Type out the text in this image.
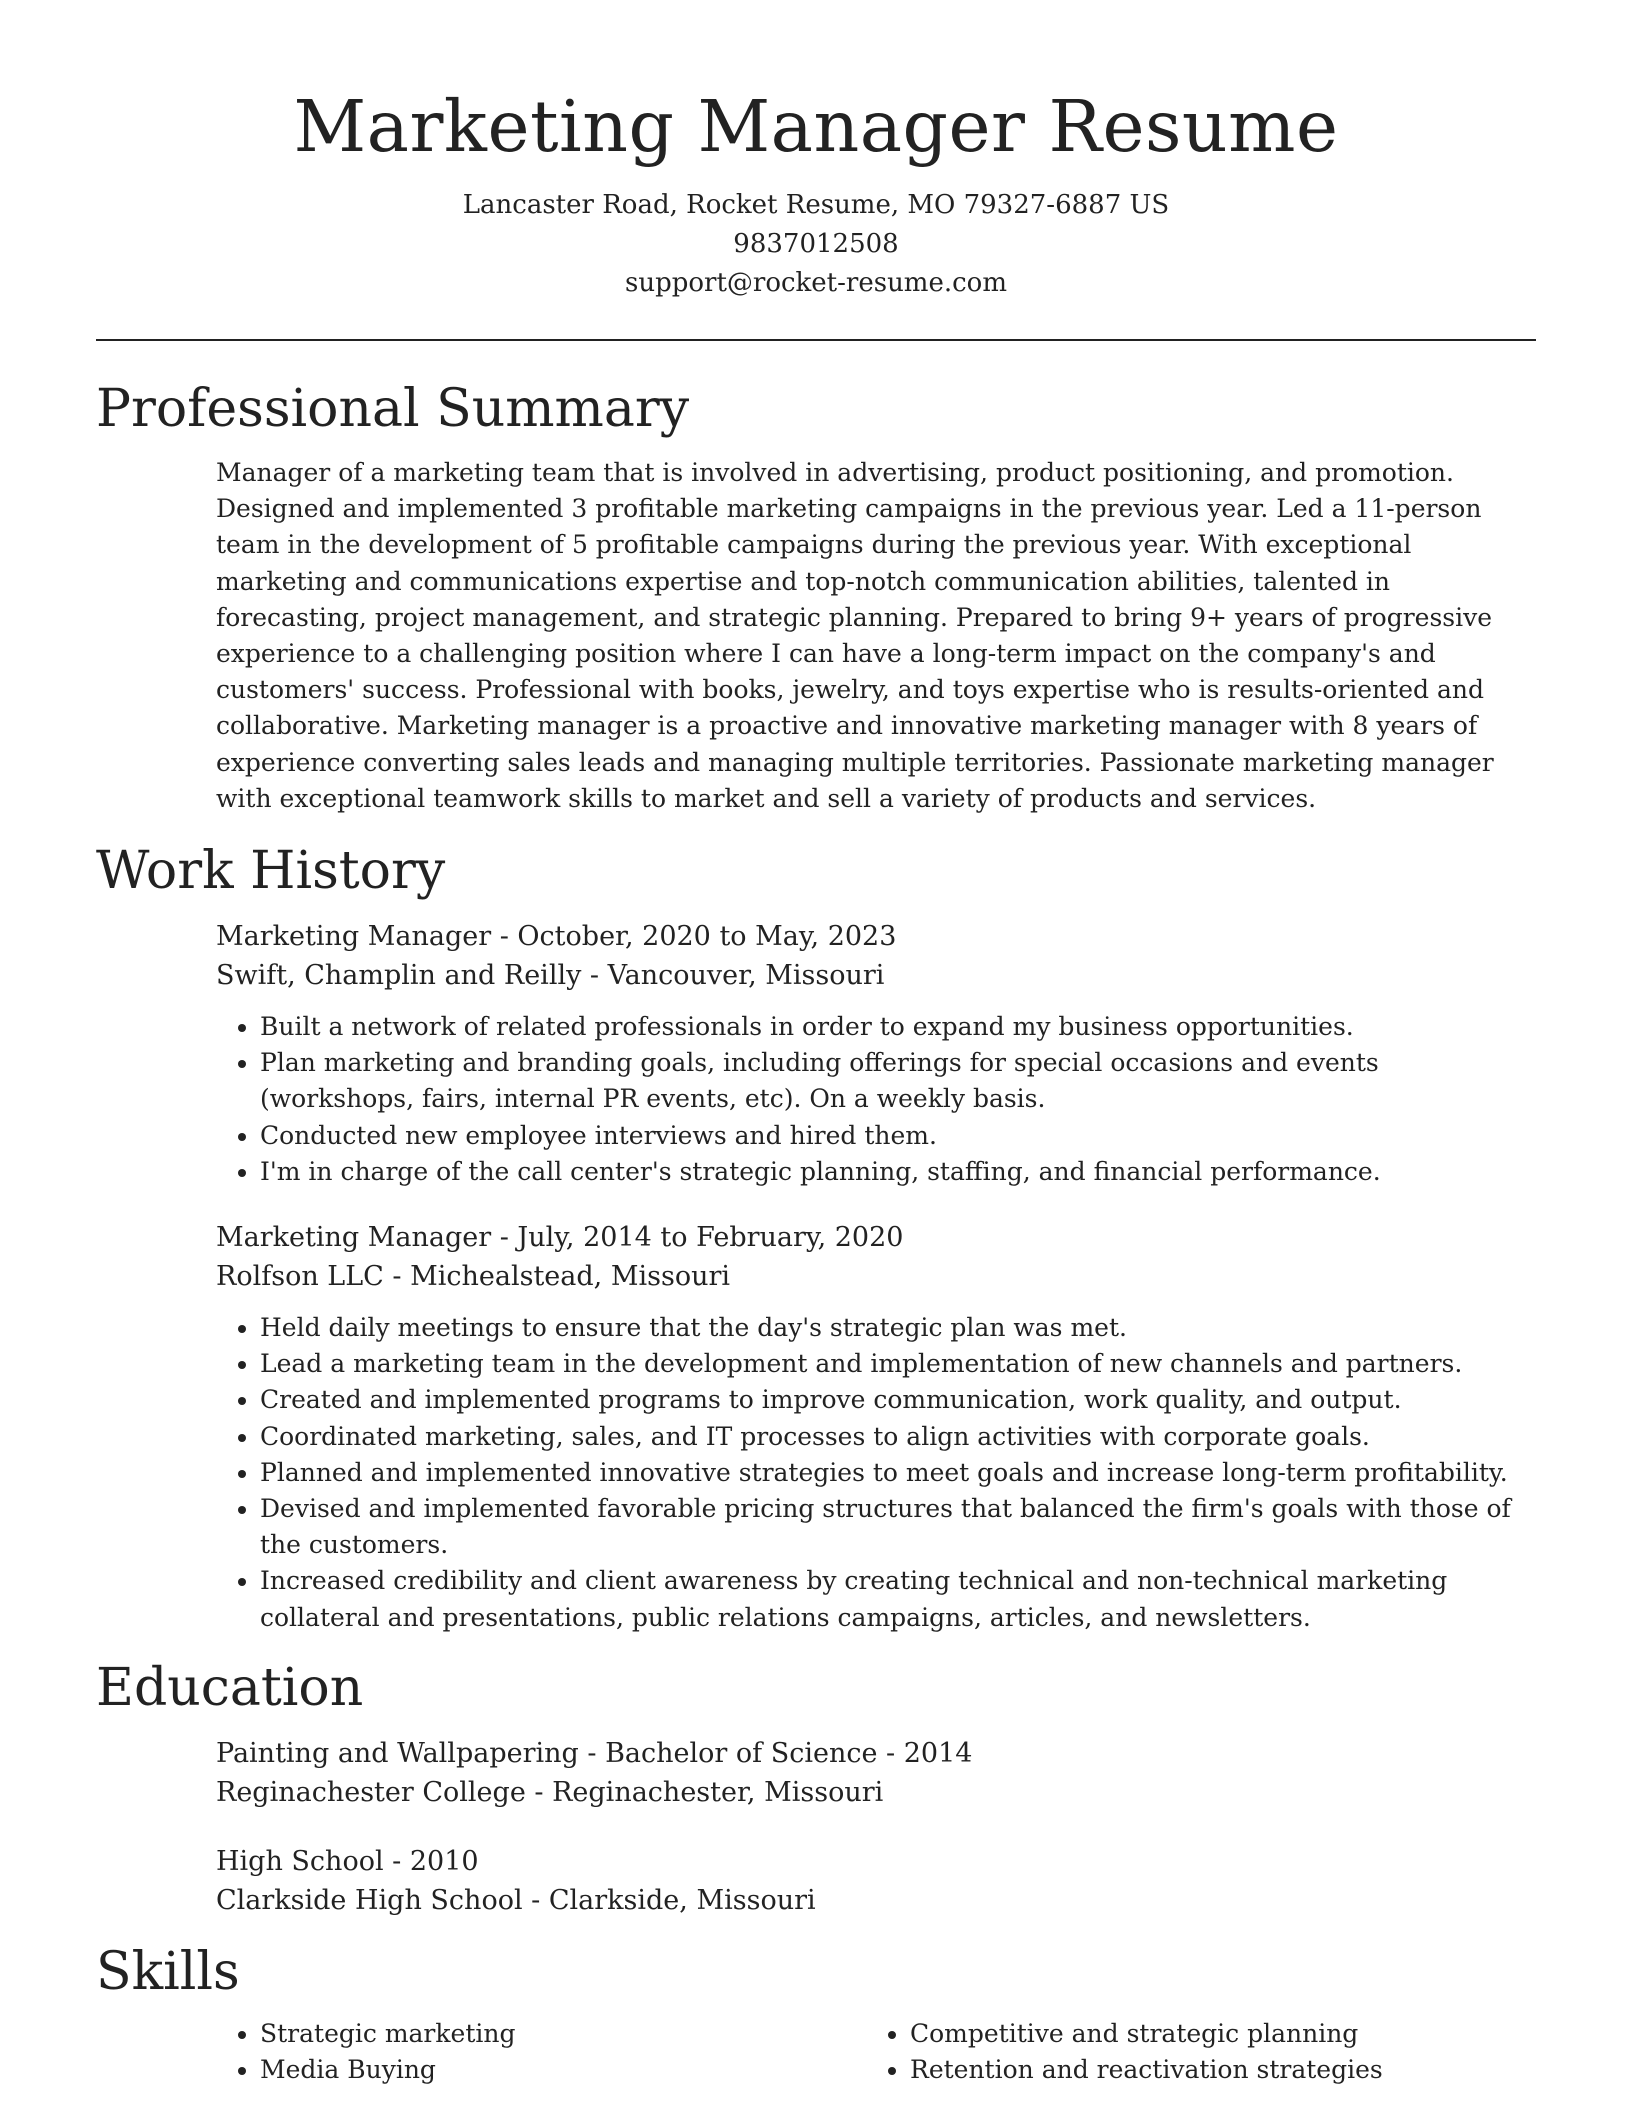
Marketing Manager Resume
Lancaster Road, Rocket Resume, MO 79327-6887 US
9837012508
support@rocket-resume.com
Professional Summary
Manager of a marketing team that is involved in advertising, product positioning, and promotion. Designed and implemented 3 profitable marketing campaigns in the previous year. Led a 11-person team in the development of 5 profitable campaigns during the previous year. With exceptional marketing and communications expertise and top-notch communication abilities, talented in forecasting, project management, and strategic planning. Prepared to bring 9+ years of progressive experience to a challenging position where I can have a long-term impact on the company's and customers' success. Professional with books, jewelry, and toys expertise who is results-oriented and collaborative. Marketing manager is a proactive and innovative marketing manager with 8 years of experience converting sales leads and managing multiple territories. Passionate marketing manager with exceptional teamwork skills to market and sell a variety of products and services.
Work History
Marketing Manager - October, 2020 to May, 2023
Swift, Champlin and Reilly - Vancouver, Missouri
• Built a network of related professionals in order to expand my business opportunities.
• Plan marketing and branding goals, including offerings for special occasions and events (workshops, fairs, internal PR events, etc). On a weekly basis.
• Conducted new employee interviews and hired them.
• I'm in charge of the call center's strategic planning, staffing, and financial performance.
Marketing Manager - July, 2014 to February, 2020
Rolfson LLC - Michealstead, Missouri
• Held daily meetings to ensure that the day's strategic plan was met.
• Lead a marketing team in the development and implementation of new channels and partners.
• Created and implemented programs to improve communication, work quality, and output.
• Coordinated marketing, sales, and IT processes to align activities with corporate goals.
• Planned and implemented innovative strategies to meet goals and increase long-term profitability.
• Devised and implemented favorable pricing structures that balanced the firm's goals with those of the customers.
• Increased credibility and client awareness by creating technical and non-technical marketing collateral and presentations, public relations campaigns, articles, and newsletters.
Education
Painting and Wallpapering - Bachelor of Science - 2014
Reginachester College - Reginachester, Missouri
High School - 2010
Clarkside High School - Clarkside, Missouri
Skills
• Strategic marketing
• Media Buying
• Competitive and strategic planning
• Retention and reactivation strategies
